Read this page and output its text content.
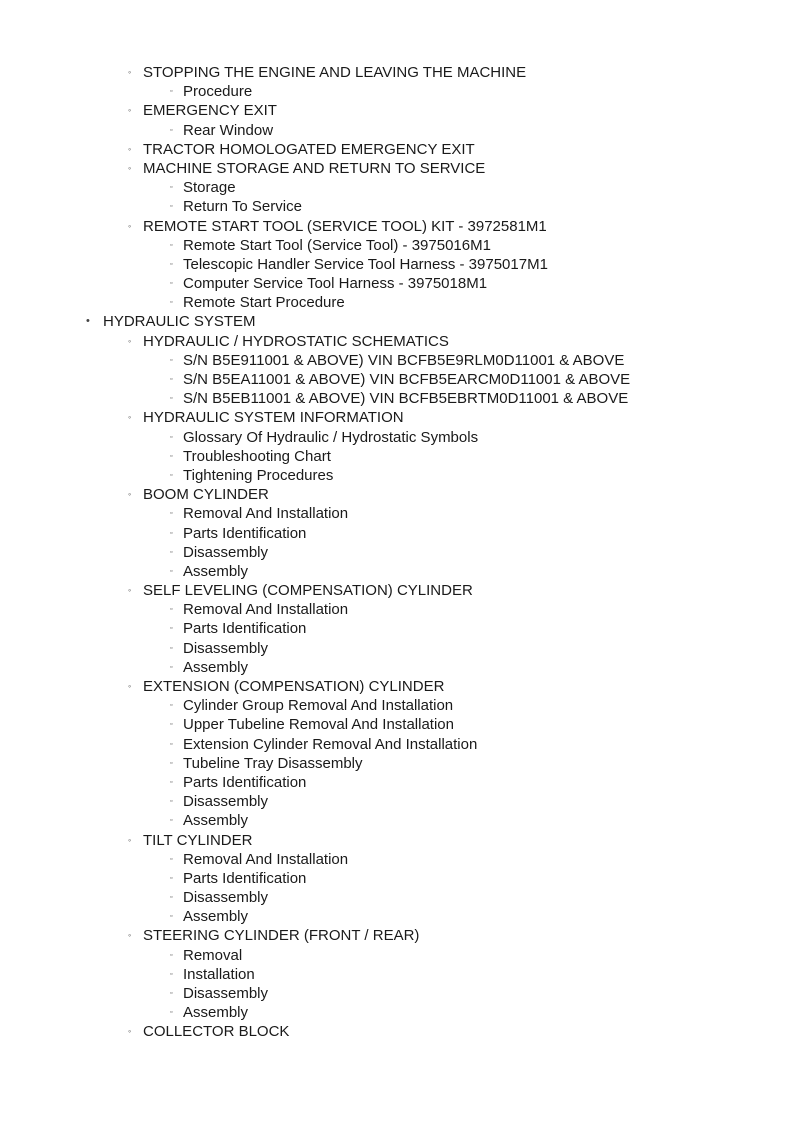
◦ STOPPING THE ENGINE AND LEAVING THE MACHINE
▫ Procedure
◦ EMERGENCY EXIT
▫ Rear Window
◦ TRACTOR HOMOLOGATED EMERGENCY EXIT
◦ MACHINE STORAGE AND RETURN TO SERVICE
▫ Storage
▫ Return To Service
◦ REMOTE START TOOL (SERVICE TOOL) KIT - 3972581M1
▫ Remote Start Tool (Service Tool) - 3975016M1
▫ Telescopic Handler Service Tool Harness - 3975017M1
▫ Computer Service Tool Harness - 3975018M1
▫ Remote Start Procedure
• HYDRAULIC SYSTEM
◦ HYDRAULIC / HYDROSTATIC SCHEMATICS
▫ S/N B5E911001 & ABOVE) VIN BCFB5E9RLM0D11001 & ABOVE
▫ S/N B5EA11001 & ABOVE) VIN BCFB5EARCM0D11001 & ABOVE
▫ S/N B5EB11001 & ABOVE) VIN BCFB5EBRTM0D11001 & ABOVE
◦ HYDRAULIC SYSTEM INFORMATION
▫ Glossary Of Hydraulic / Hydrostatic Symbols
▫ Troubleshooting Chart
▫ Tightening Procedures
◦ BOOM CYLINDER
▫ Removal And Installation
▫ Parts Identification
▫ Disassembly
▫ Assembly
◦ SELF LEVELING (COMPENSATION) CYLINDER
▫ Removal And Installation
▫ Parts Identification
▫ Disassembly
▫ Assembly
◦ EXTENSION (COMPENSATION) CYLINDER
▫ Cylinder Group Removal And Installation
▫ Upper Tubeline Removal And Installation
▫ Extension Cylinder Removal And Installation
▫ Tubeline Tray Disassembly
▫ Parts Identification
▫ Disassembly
▫ Assembly
◦ TILT CYLINDER
▫ Removal And Installation
▫ Parts Identification
▫ Disassembly
▫ Assembly
◦ STEERING CYLINDER (FRONT / REAR)
▫ Removal
▫ Installation
▫ Disassembly
▫ Assembly
◦ COLLECTOR BLOCK
